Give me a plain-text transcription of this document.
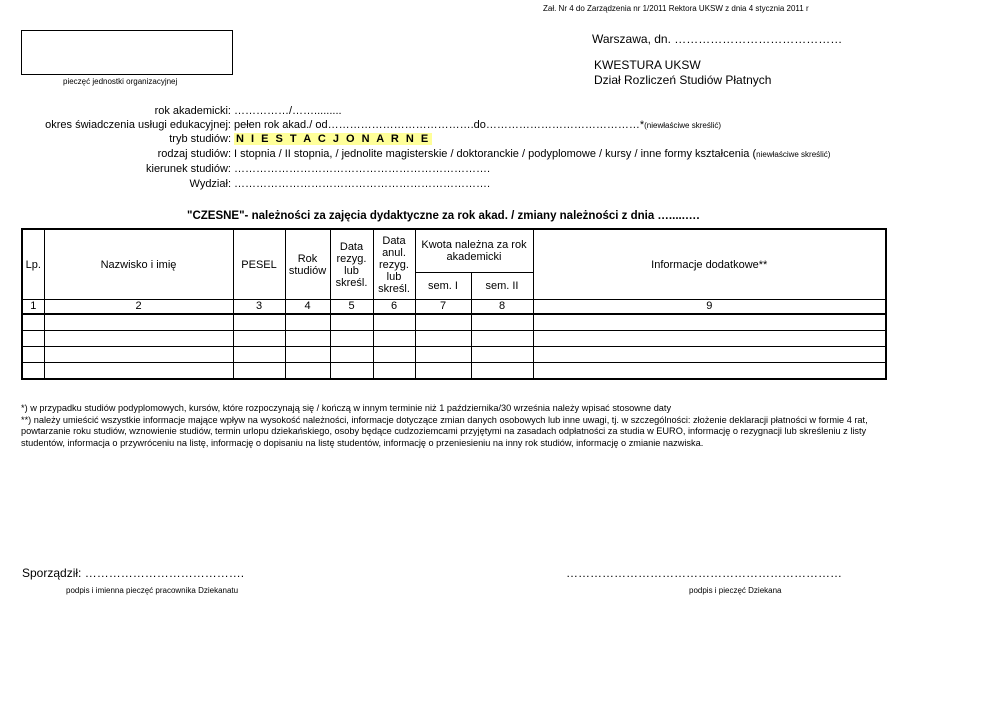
Zał. Nr 4 do Zarządzenia nr 1/2011 Rektora UKSW z dnia 4 stycznia 2011 r
Warszawa, dn. ……………………………………
pieczęć jednostki organizacyjnej
KWESTURA UKSW
Dział Rozliczeń Studiów Płatnych
rok akademicki: ……………/…….........
okres świadczenia usługi edukacyjnej: pełen rok akad./ od………………………………….do……………………………………*(niewłaściwe skreślić)
tryb studiów: N I E S T A C J O N A R N E
rodzaj studiów: I stopnia / II stopnia, / jednolite magisterskie / doktoranckie / podyplomowe / kursy / inne formy kształcenia (niewłaściwe skreślić)
kierunek studiów: …………………………………………………………….
Wydział: …………………………………………………………….
"CZESNE"- należności za zajęcia dydaktyczne za rok akad. / zmiany należności z dnia ….....….
Lp.	Nazwisko i imię	PESEL	Rok studiów	Data rezyg. lub skreśl.	Data anul. rezyg. lub skreśl.	Kwota należna za rok akademicki		Informacje dodatkowe**
						sem. I	sem. II	
1	2	3	4	5	6	7	8	9

*) w przypadku studiów podyplomowych, kursów, które rozpoczynają się / kończą w innym terminie niż 1 października/30 września należy wpisać stosowne daty

**) należy umieścić wszystkie informacje mające wpływ na wysokość należności, informacje dotyczące zmian danych osobowych lub inne uwagi, tj. w szczególności: złożenie deklaracji płatności w formie 4 rat, powtarzanie roku studiów, wznowienie studiów, termin urlopu dziekańskiego, osoby będące cudzoziemcami przyjętymi na zasadach odpłatności za studia w EURO, informację o rezygnacji lub skreśleniu z listy studentów, informacja o przywróceniu na listę, informację o dopisaniu na listę studentów, informację o przeniesieniu na inny rok studiów, informację o zmianie nazwiska.

Sporządził: ………………………………….
podpis i imienna pieczęć pracownika Dziekanatu
……………………………………………………………
podpis i pieczęć Dziekana
